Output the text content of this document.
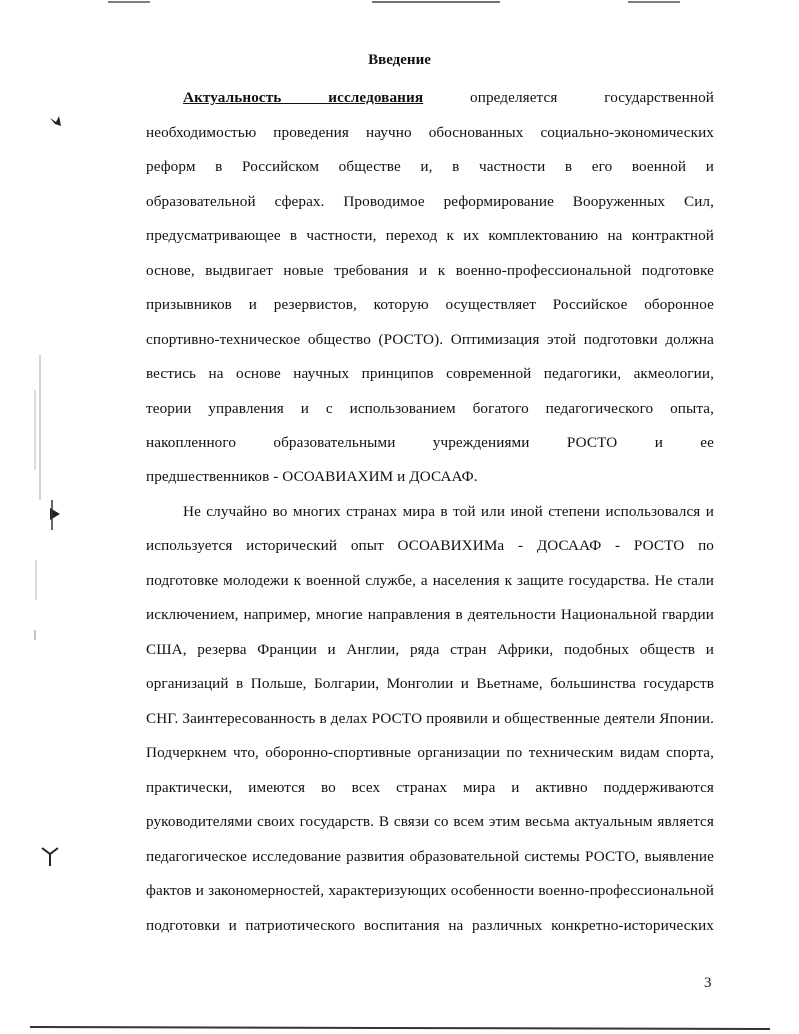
Введение
Актуальность исследования определяется государственной
необходимостью проведения научно обоснованных социально-экономических
реформ в Российском обществе и, в частности в его военной и
образовательной сферах. Проводимое реформирование Вооруженных Сил,
предусматривающее в частности, переход к их комплектованию на контрактной
основе, выдвигает новые требования и к военно-профессиональной подготовке
призывников и резервистов, которую осуществляет Российское оборонное
спортивно-техническое общество (РОСТО). Оптимизация этой подготовки должна
вестись на основе научных принципов современной педагогики, акмеологии,
теории управления и с использованием богатого педагогического опыта,
накопленного образовательными учреждениями РОСТО и ее
предшественников - ОСОАВИАХИМ и ДОСААФ.
Не случайно во многих странах мира в той или иной степени использовался и
используется исторический опыт ОСОАВИХИМа - ДОСААФ - РОСТО по
подготовке молодежи к военной службе, а населения к защите государства. Не стали
исключением, например, многие направления в деятельности Национальной гвардии
США, резерва Франции и Англии, ряда стран Африки, подобных обществ и
организаций в Польше, Болгарии, Монголии и Вьетнаме, большинства государств
СНГ. Заинтересованность в делах РОСТО проявили и общественные деятели Японии.
Подчеркнем что, оборонно-спортивные организации по техническим видам спорта,
практически, имеются во всех странах мира и активно поддерживаются
руководителями своих государств. В связи со всем этим весьма актуальным является
педагогическое исследование развития образовательной системы РОСТО, выявление
фактов и закономерностей, характеризующих особенности военно-профессиональной
подготовки и патриотического воспитания на различных конкретно-исторических
3
